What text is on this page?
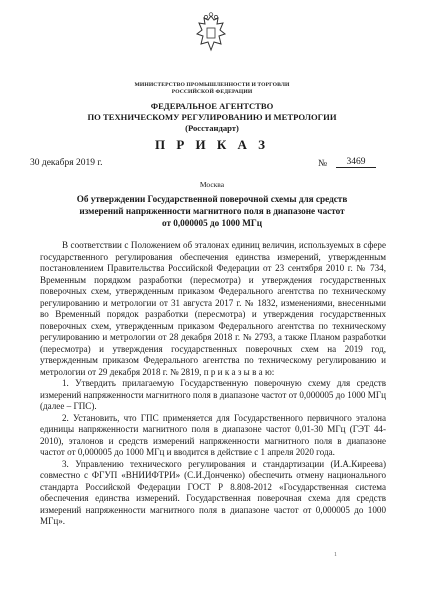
МИНИСТЕРСТВО ПРОМЫШЛЕННОСТИ И ТОРГОВЛИ
РОССИЙСКОЙ ФЕДЕРАЦИИ
ФЕДЕРАЛЬНОЕ АГЕНТСТВО
ПО ТЕХНИЧЕСКОМУ РЕГУЛИРОВАНИЮ И МЕТРОЛОГИИ
(Росстандарт)
П Р И К А З
30 декабря 2019 г.	№	3469
Москва
Об утверждении Государственной поверочной схемы для средств
измерений напряженности магнитного поля в диапазоне частот
от 0,000005 до 1000 МГц

В соответствии с Положением об эталонах единиц величин, используемых в сфере государственного регулирования обеспечения единства измерений, утвержденным постановлением Правительства Российской Федерации от 23 сентября 2010 г. № 734, Временным порядком разработки (пересмотра) и утверждения государственных поверочных схем, утвержденным приказом Федерального агентства по техническому регулированию и метрологии от 31 августа 2017 г. № 1832, изменениями, внесенными во Временный порядок разработки (пересмотра) и утверждения государственных поверочных схем, утвержденным приказом Федерального агентства по техническому регулированию и метрологии от 28 декабря 2018 г. № 2793, а также Планом разработки (пересмотра) и утверждения государственных поверочных схем на 2019 год, утвержденным приказом Федерального агентства по техническому регулированию и метрологии от 29 декабря 2018 г. № 2819, п р и к а з ы в а ю:

1. Утвердить прилагаемую Государственную поверочную схему для средств измерений напряженности магнитного поля в диапазоне частот от 0,000005 до 1000 МГц (далее – ГПС).

2. Установить, что ГПС применяется для Государственного первичного эталона единицы напряженности магнитного поля в диапазоне частот 0,01-30 МГц (ГЭТ 44-2010), эталонов и средств измерений напряженности магнитного поля в диапазоне частот от 0,000005 до 1000 МГц и вводится в действие с 1 апреля 2020 года.

3. Управлению технического регулирования и стандартизации (И.А.Киреева) совместно с ФГУП «ВНИИФТРИ» (С.И.Донченко) обеспечить отмену национального стандарта Российской Федерации ГОСТ Р 8.808-2012 «Государственная система обеспечения единства измерений. Государственная поверочная схема для средств измерений напряженности магнитного поля в диапазоне частот от 0,000005 до 1000 МГц».

1
